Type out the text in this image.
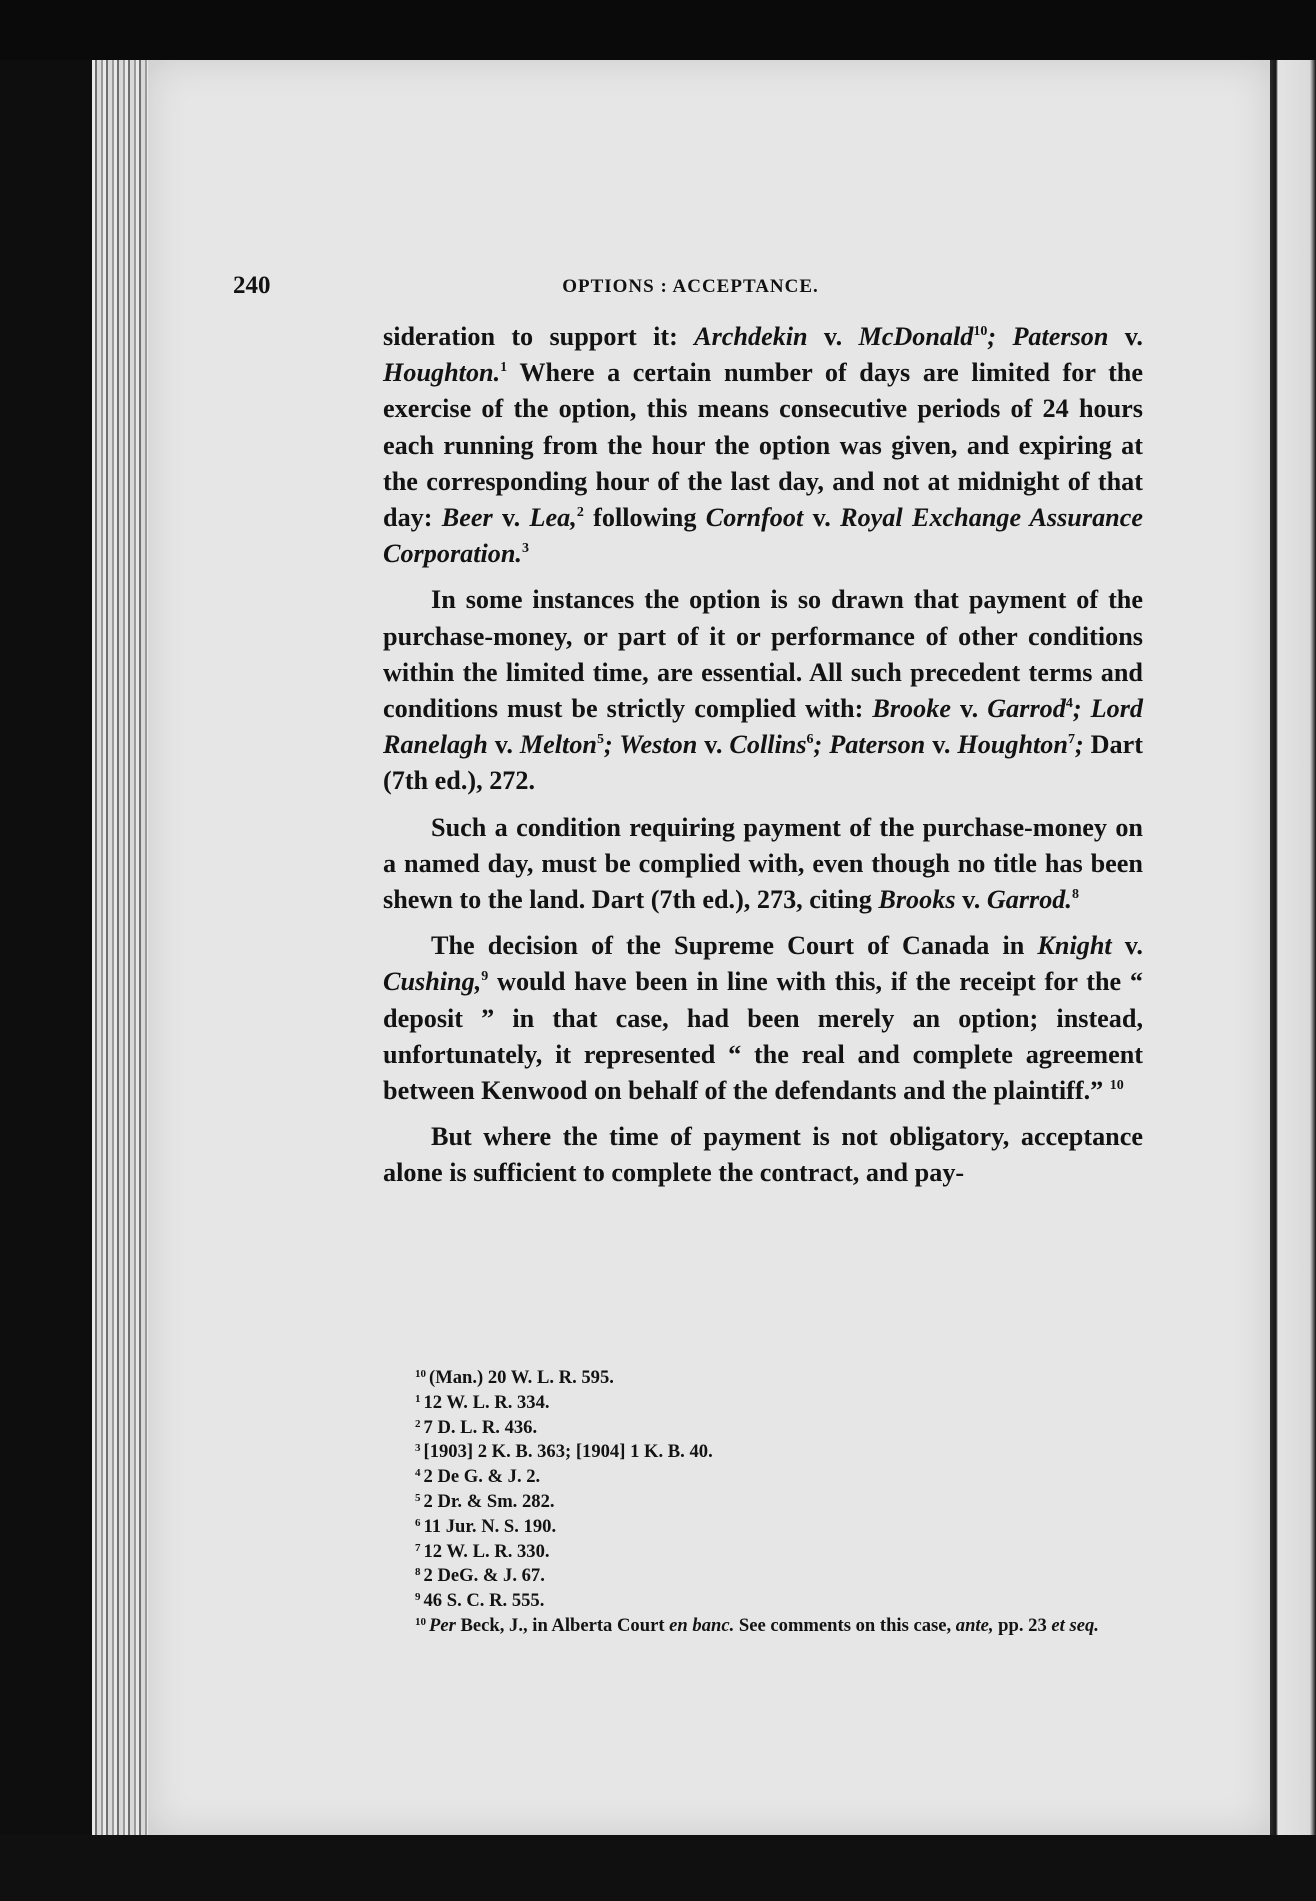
240	OPTIONS : ACCEPTANCE.

sideration to support it: Archdekin v. McDonald$^{10}$; Paterson v. Houghton.$^1$ Where a certain number of days are limited for the exercise of the option, this means consecutive periods of 24 hours each running from the hour the option was given, and expiring at the corresponding hour of the last day, and not at midnight of that day: Beer v. Lea,$^2$ following Cornfoot v. Royal Exchange Assurance Corporation.$^3$

In some instances the option is so drawn that payment of the purchase-money, or part of it or performance of other conditions within the limited time, are essential. All such precedent terms and conditions must be strictly complied with: Brooke v. Garrod$^4$; Lord Ranelagh v. Melton$^5$; Weston v. Collins$^6$; Paterson v. Houghton$^7$; Dart (7th ed.), 272.

Such a condition requiring payment of the purchase-money on a named day, must be complied with, even though no title has been shewn to the land. Dart (7th ed.), 273, citing Brooks v. Garrod.$^8$

The decision of the Supreme Court of Canada in Knight v. Cushing,$^9$ would have been in line with this, if the receipt for the “ deposit ” in that case, had been merely an option; instead, unfortunately, it represented “ the real and complete agreement between Kenwood on behalf of the defendants and the plaintiff.” $^{10}$

But where the time of payment is not obligatory, acceptance alone is sufficient to complete the contract, and pay-

$^{10}$ (Man.) 20 W. L. R. 595.
$^1$ 12 W. L. R. 334.
$^2$ 7 D. L. R. 436.
$^3$ [1903] 2 K. B. 363; [1904] 1 K. B. 40.
$^4$ 2 De G. & J. 2.
$^5$ 2 Dr. & Sm. 282.
$^6$ 11 Jur. N. S. 190.
$^7$ 12 W. L. R. 330.
$^8$ 2 DeG. & J. 67.
$^9$ 46 S. C. R. 555.
$^{10}$ Per Beck, J., in Alberta Court en banc. See comments on this case, ante, pp. 23 et seq.
